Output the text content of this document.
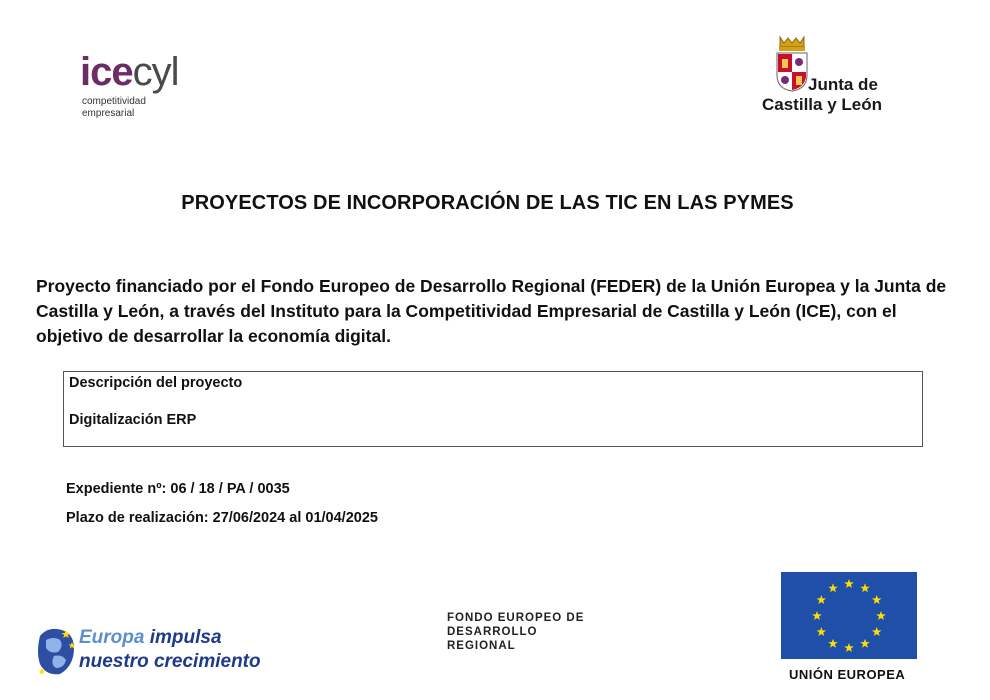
icecyl
competitividad
empresarial
Junta de
Castilla y León
PROYECTOS DE INCORPORACIÓN DE LAS TIC EN LAS PYMES
Proyecto financiado por el Fondo Europeo de Desarrollo Regional (FEDER) de la Unión Europea y la Junta de Castilla y León, a través del Instituto para la Competitividad Empresarial de Castilla y León (ICE), con el objetivo de desarrollar la economía digital.
Descripción del proyecto
Digitalización ERP
Expediente nº: 06 / 18 / PA / 0035
Plazo de realización: 27/06/2024 al 01/04/2025
Europa impulsa
nuestro crecimiento
FONDO EUROPEO DE
DESARROLLO
REGIONAL
UNIÓN EUROPEA
